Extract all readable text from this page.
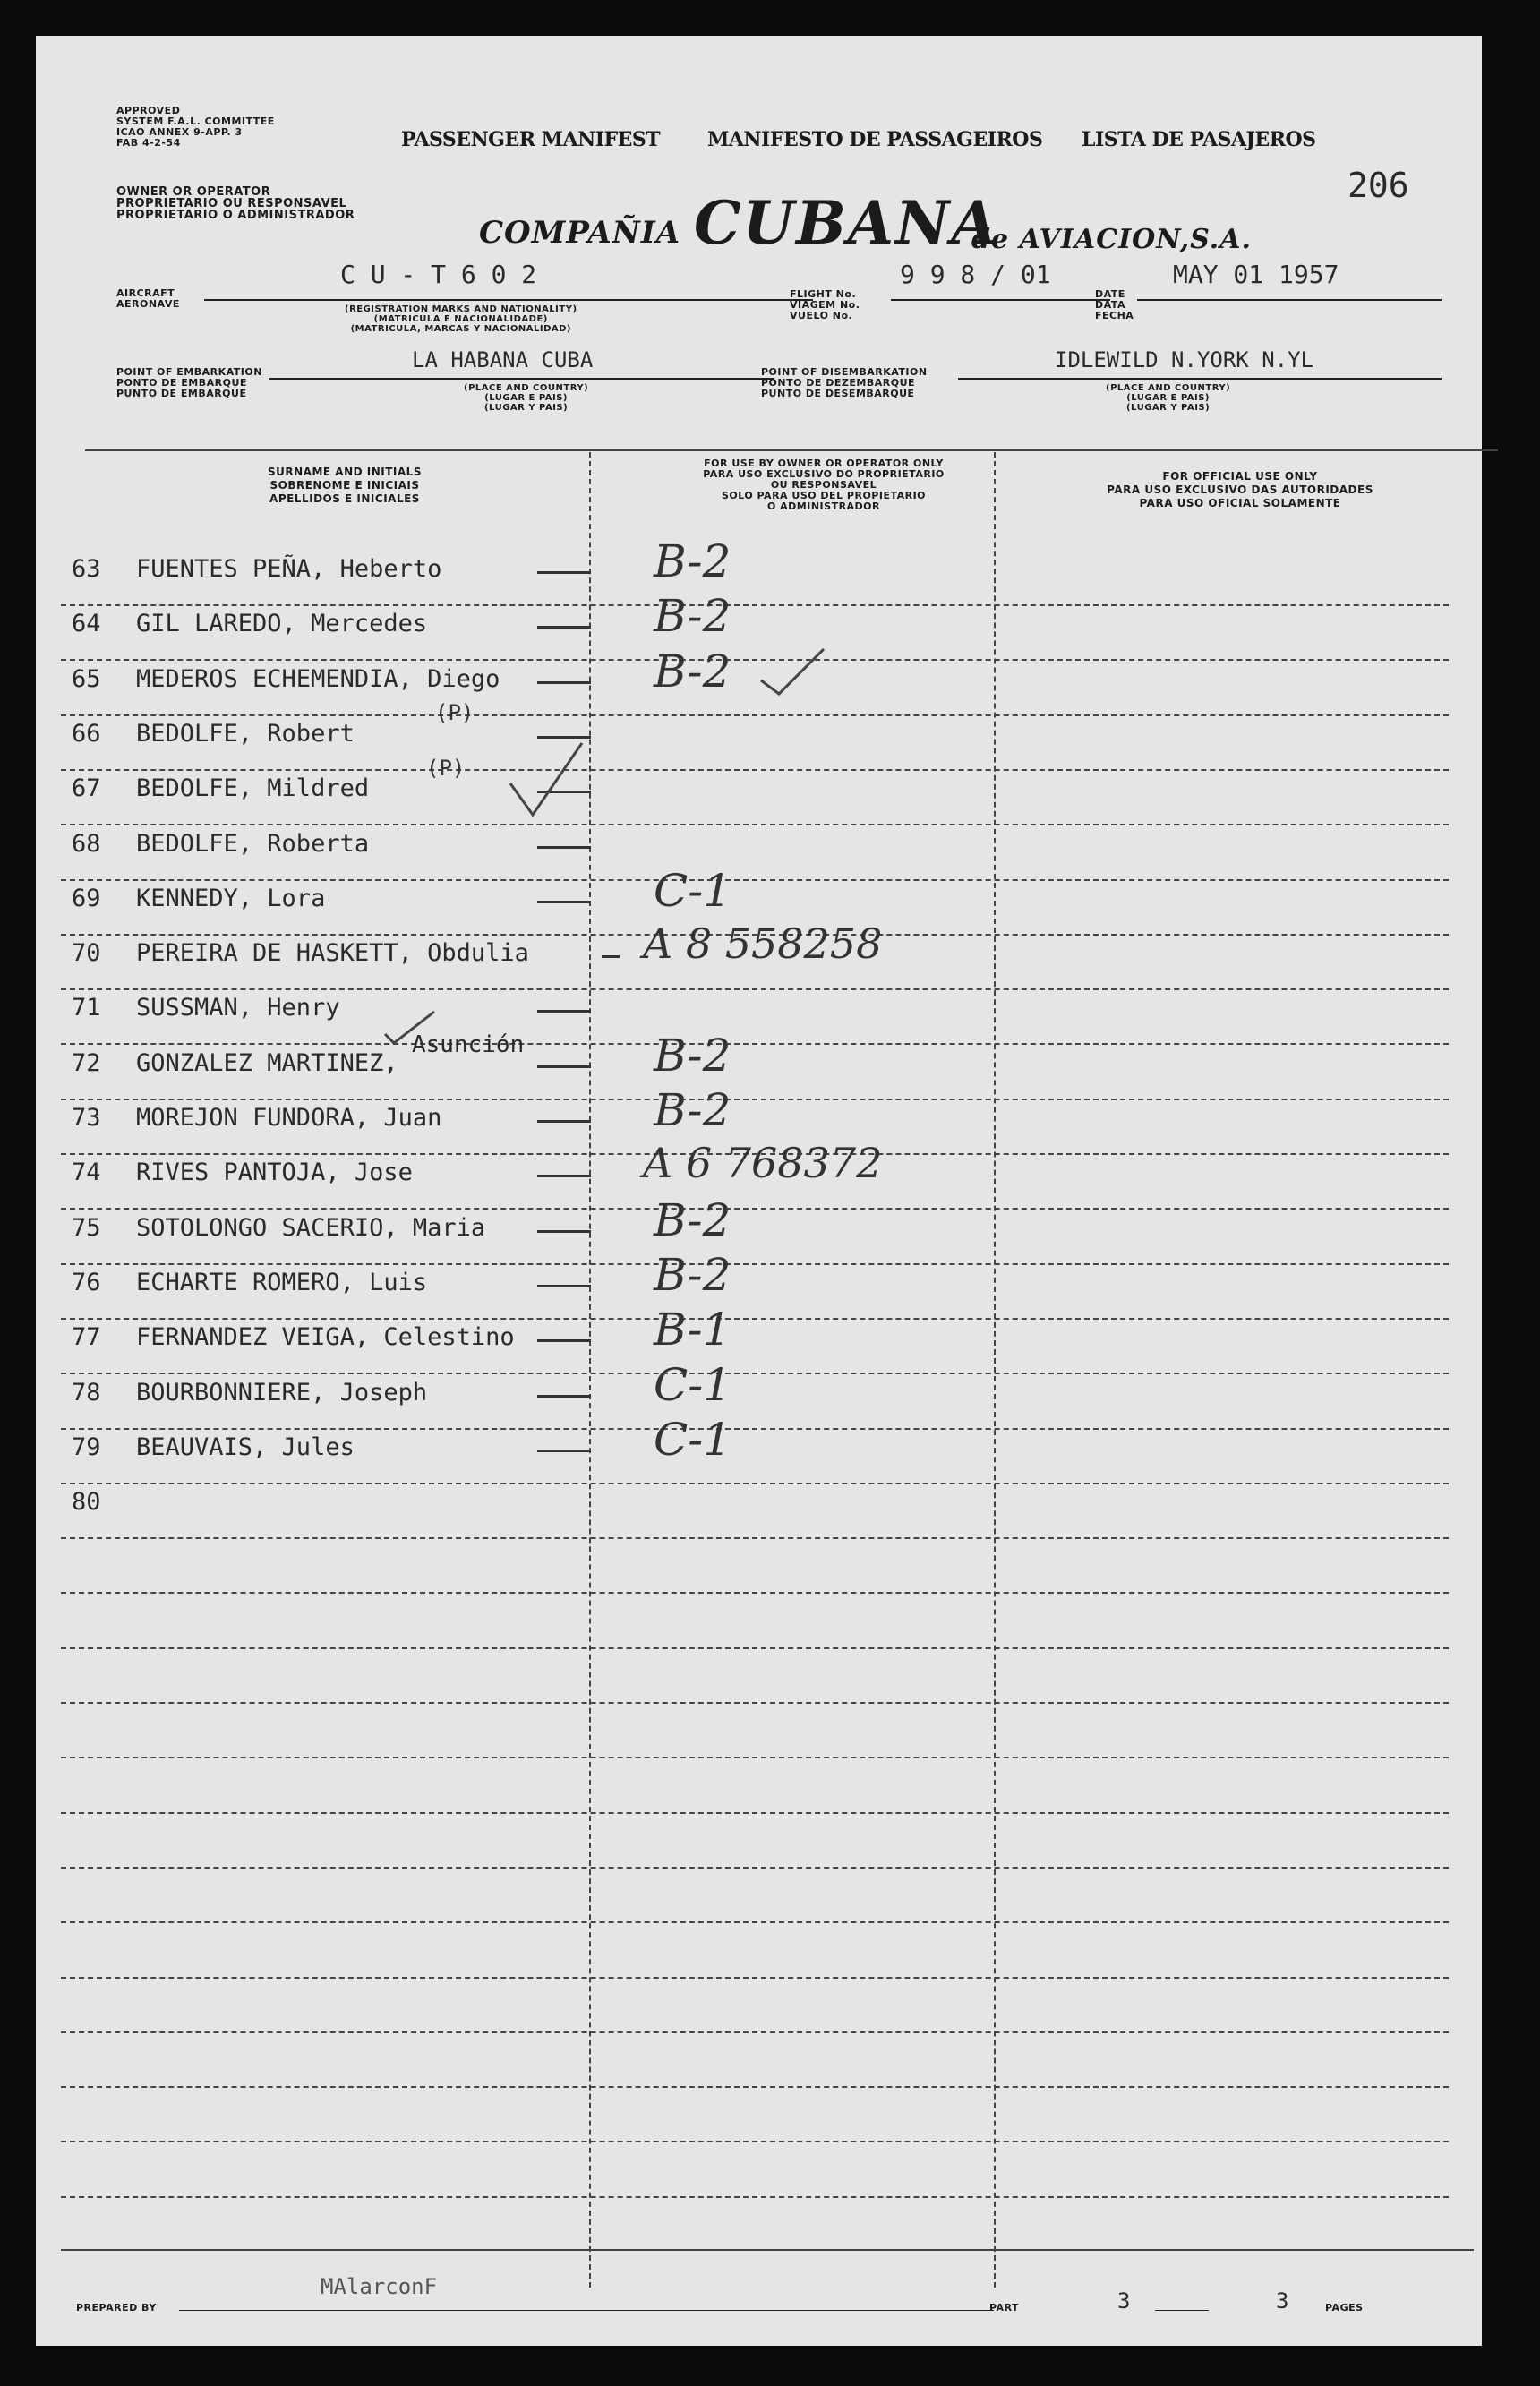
APPROVED
SYSTEM F.A.L. COMMITTEE
ICAO ANNEX 9-APP. 3
FAB 4-2-54
OWNER OR OPERATOR
PROPRIETARIO OU RESPONSAVEL
PROPRIETARIO O ADMINISTRADOR
PASSENGER MANIFEST MANIFESTO DE PASSAGEIROS LISTA DE PASAJEROS
206
COMPAÑIA CUBANA
de AVIACION,S.A.
AIRCRAFT
AERONAVE
C U - T 6 0 2
(REGISTRATION MARKS AND NATIONALITY)
(MATRICULA E NACIONALIDADE)
(MATRICULA, MARCAS Y NACIONALIDAD)
FLIGHT No.
VIAGEM No.
VUELO No.
9 9 8 / 01
DATE
DATA
FECHA
MAY 01 1957
POINT OF EMBARKATION
PONTO DE EMBARQUE
PUNTO DE EMBARQUE
LA HABANA CUBA
(PLACE AND COUNTRY)
(LUGAR E PAIS)
(LUGAR Y PAIS)
POINT OF DISEMBARKATION
PONTO DE DEZEMBARQUE
PUNTO DE DESEMBARQUE
IDLEWILD N.YORK N.YL
(PLACE AND COUNTRY)
(LUGAR E PAIS)
(LUGAR Y PAIS)
SURNAME AND INITIALS
SOBRENOME E INICIAIS
APELLIDOS E INICIALES
FOR USE BY OWNER OR OPERATOR ONLY
PARA USO EXCLUSIVO DO PROPRIETARIO
OU RESPONSAVEL
SOLO PARA USO DEL PROPIETARIO
O ADMINISTRADOR
FOR OFFICIAL USE ONLY
PARA USO EXCLUSIVO DAS AUTORIDADES
PARA USO OFICIAL SOLAMENTE
63 FUENTES PEÑA, Heberto	B-2
64 GIL LAREDO, Mercedes	B-2
65 MEDEROS ECHEMENDIA, Diego	B-2
66 BEDOLFE, Robert
67 BEDOLFE, Mildred
68 BEDOLFE, Roberta
69 KENNEDY, Lora	C-1
70 PEREIRA DE HASKETT, Obdulia	A 8 558258
71 SUSSMAN, Henry
72 GONZALEZ MARTINEZ,	B-2
73 MOREJON FUNDORA, Juan	B-2
74 RIVES PANTOJA, Jose	A 6 768372
75 SOTOLONGO SACERIO, Maria	B-2
76 ECHARTE ROMERO, Luis	B-2
77 FERNANDEZ VEIGA, Celestino	B-1
78 BOURBONNIERE, Joseph	C-1
79 BEAUVAIS, Jules	C-1
80
(P)
(P)
Asunción
PREPARED BY
MAlarconF
PART	3	3	PAGES
